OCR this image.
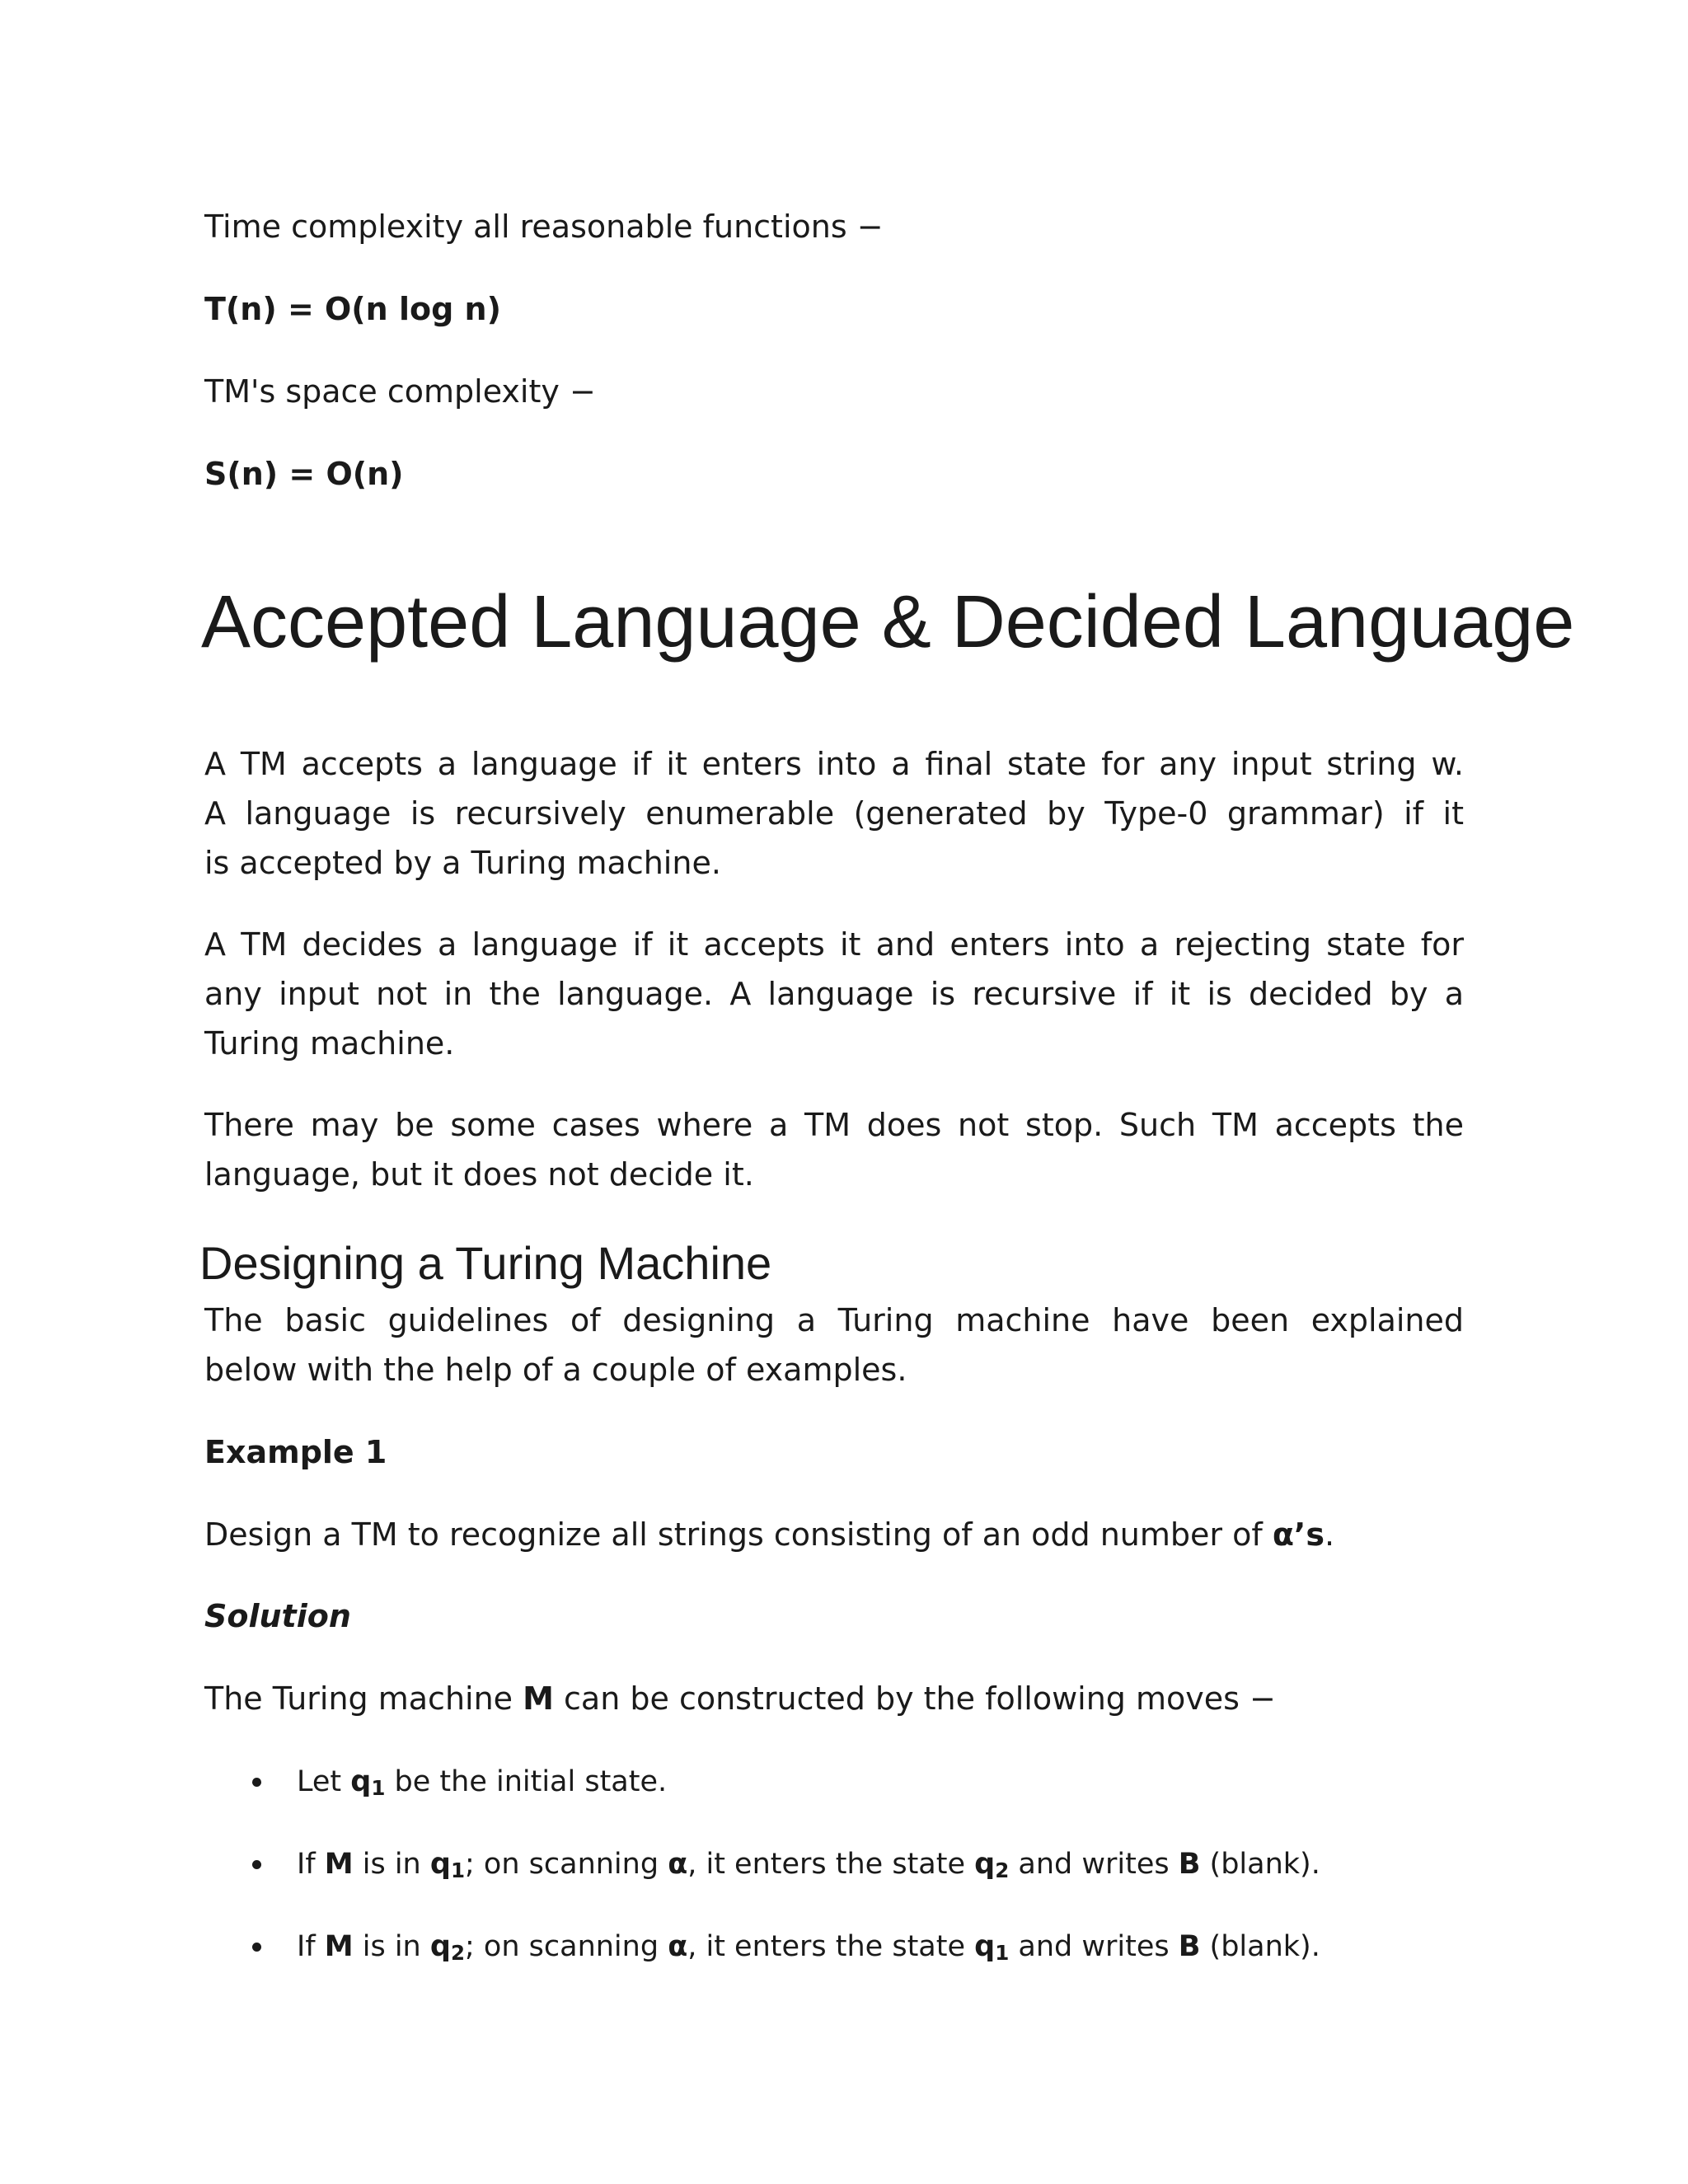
Time complexity all reasonable functions −

T(n) = O(n log n)

TM's space complexity −

S(n) = O(n)

Accepted Language & Decided Language

A TM accepts a language if it enters into a final state for any input string w.

A language is recursively enumerable (generated by Type-0 grammar) if it

is accepted by a Turing machine.

A TM decides a language if it accepts it and enters into a rejecting state for

any input not in the language. A language is recursive if it is decided by a

Turing machine.

There may be some cases where a TM does not stop. Such TM accepts the

language, but it does not decide it.

Designing a Turing Machine

The basic guidelines of designing a Turing machine have been explained

below with the help of a couple of examples.

Example 1

Design a TM to recognize all strings consisting of an odd number of α’s.

Solution

The Turing machine M can be constructed by the following moves −

Let $q_1$ be the initial state.

If M is in $q_1$; on scanning α, it enters the state $q_2$ and writes B (blank).

If M is in $q_2$; on scanning α, it enters the state $q_1$ and writes B (blank).
